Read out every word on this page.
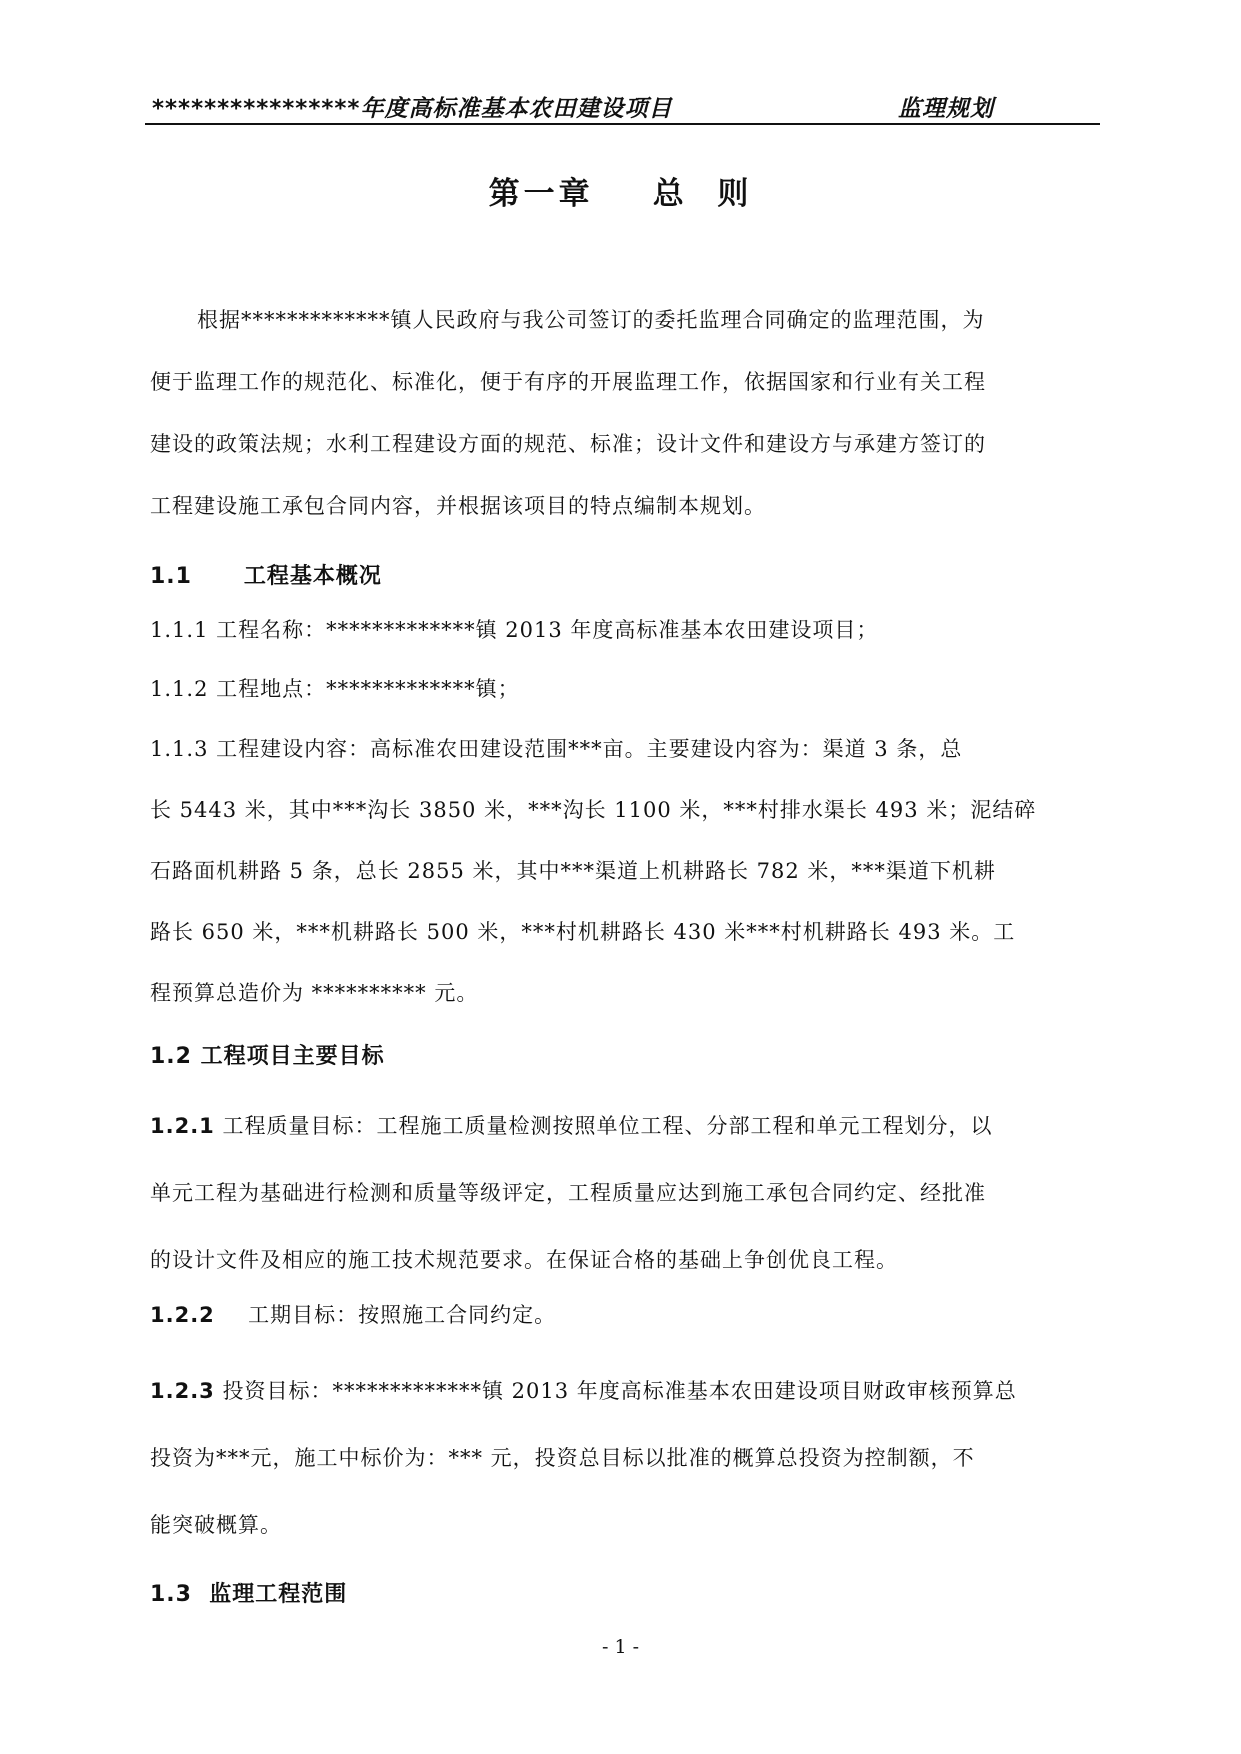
****************年度高标准基本农田建设项目	监理规划
第一章    总  则
根据*************镇人民政府与我公司签订的委托监理合同确定的监理范围，为
便于监理工作的规范化、标准化，便于有序的开展监理工作，依据国家和行业有关工程
建设的政策法规；水利工程建设方面的规范、标准；设计文件和建设方与承建方签订的
工程建设施工承包合同内容，并根据该项目的特点编制本规划。
1.1      工程基本概况
1.1.1 工程名称：*************镇 2013 年度高标准基本农田建设项目；
1.1.2 工程地点：*************镇；
1.1.3 工程建设内容：高标准农田建设范围***亩。主要建设内容为：渠道 3 条，总
长 5443 米，其中***沟长 3850 米，***沟长 1100 米，***村排水渠长 493 米；泥结碎
石路面机耕路 5 条，总长 2855 米，其中***渠道上机耕路长 782 米，***渠道下机耕
路长 650 米，***机耕路长 500 米，***村机耕路长 430 米***村机耕路长 493 米。工
程预算总造价为 ********** 元。
1.2 工程项目主要目标
1.2.1 工程质量目标：工程施工质量检测按照单位工程、分部工程和单元工程划分，以
单元工程为基础进行检测和质量等级评定，工程质量应达到施工承包合同约定、经批准
的设计文件及相应的施工技术规范要求。在保证合格的基础上争创优良工程。
1.2.2 工期目标：按照施工合同约定。
1.2.3 投资目标：*************镇 2013 年度高标准基本农田建设项目财政审核预算总
投资为***元，施工中标价为：*** 元，投资总目标以批准的概算总投资为控制额，不
能突破概算。
1.3  监理工程范围
- 1 -
